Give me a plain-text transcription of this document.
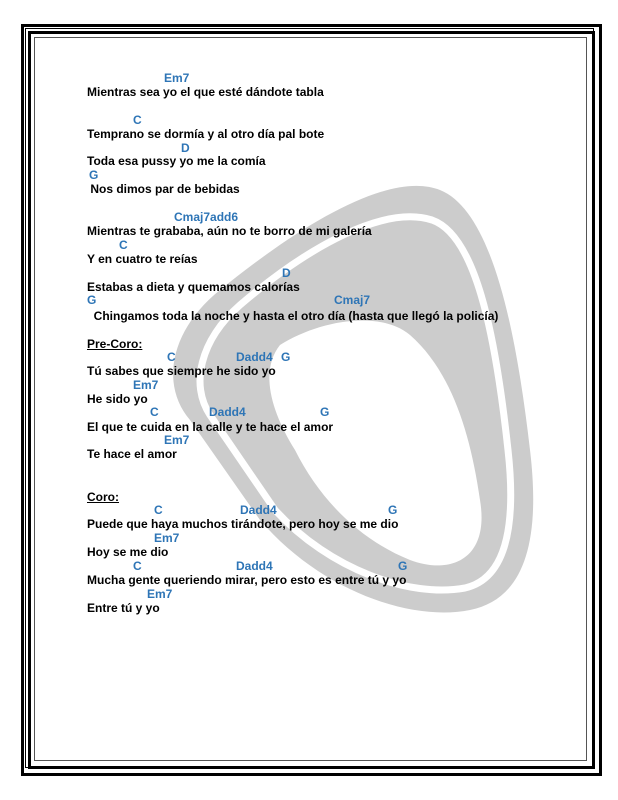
Em7
Mientras sea yo el que esté dándote tabla
C
Temprano se dormía y al otro día pal bote
D
Toda esa pussy yo me la comía
G
Nos dimos par de bebidas
Cmaj7add6
Mientras te grababa, aún no te borro de mi galería
C
Y en cuatro te reías
D
Estabas a dieta y quemamos calorías
G	Cmaj7
Chingamos toda la noche y hasta el otro día (hasta que llegó la policía)
Pre-Coro:
C	Dadd4 G
Tú sabes que siempre he sido yo
Em7
He sido yo
C	Dadd4	G
El que te cuida en la calle y te hace el amor
Em7
Te hace el amor
Coro:
C	Dadd4	G
Puede que haya muchos tirándote, pero hoy se me dio
Em7
Hoy se me dio
C	Dadd4	G
Mucha gente queriendo mirar, pero esto es entre tú y yo
Em7
Entre tú y yo
